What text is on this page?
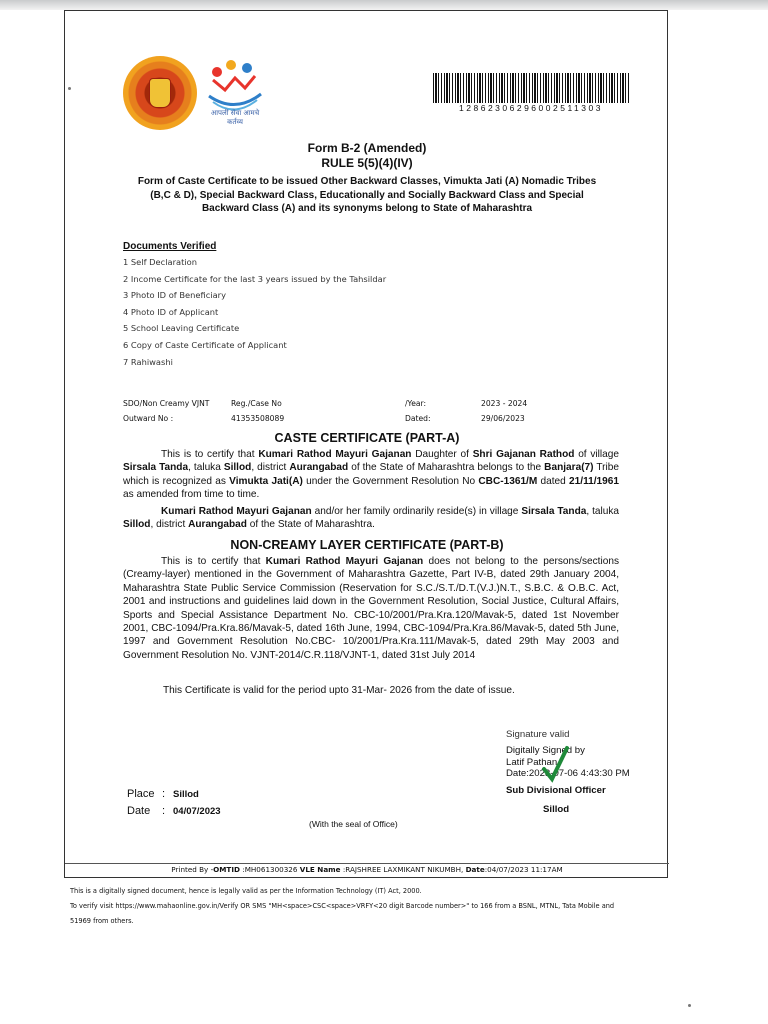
आपली सेवा आमचे कर्तव्य
12862306296002511303
Form B-2 (Amended)
RULE 5(5)(4)(IV)
Form of Caste Certificate to be issued Other Backward Classes, Vimukta Jati (A) Nomadic Tribes (B,C & D), Special Backward Class, Educationally and Socially Backward Class and Special Backward Class (A) and its synonyms belong to State of Maharashtra
Documents Verified
1 Self Declaration
2 Income Certificate for the last 3 years issued by the Tahsildar
3 Photo ID of Beneficiary
4 Photo ID of Applicant
5 School Leaving Certificate
6 Copy of Caste Certificate of Applicant
7 Rahiwashi
SDO/Non Creamy VJNT	Reg./Case No	/Year:	2023 - 2024
Outward No :	41353508089	Dated:	29/06/2023
CASTE CERTIFICATE (PART-A)
This is to certify that Kumari Rathod Mayuri Gajanan Daughter of Shri Gajanan Rathod of village Sirsala Tanda, taluka Sillod, district Aurangabad of the State of Maharashtra belongs to the Banjara(7) Tribe which is recognized as Vimukta Jati(A) under the Government Resolution No CBC-1361/M dated 21/11/1961 as amended from time to time.
Kumari Rathod Mayuri Gajanan and/or her family ordinarily reside(s) in village Sirsala Tanda, taluka Sillod, district Aurangabad of the State of Maharashtra.
NON-CREAMY LAYER CERTIFICATE (PART-B)
This is to certify that Kumari Rathod Mayuri Gajanan does not belong to the persons/sections (Creamy-layer) mentioned in the Government of Maharashtra Gazette, Part IV-B, dated 29th January 2004, Maharashtra State Public Service Commission (Reservation for S.C./S.T./D.T.(V.J.)N.T., S.B.C. & O.B.C. Act, 2001 and instructions and guidelines laid down in the Government Resolution, Social Justice, Cultural Affairs, Sports and Special Assistance Department No. CBC-10/2001/Pra.Kra.120/Mavak-5, dated 1st November 2001, CBC-1094/Pra.Kra.86/Mavak-5, dated 16th June, 1994, CBC-1094/Pra.Kra.86/Mavak-5, dated 5th June, 1997 and Government Resolution No.CBC- 10/2001/Pra.Kra.111/Mavak-5, dated 29th May 2003 and Government Resolution No. VJNT-2014/C.R.118/VJNT-1, dated 31st July 2014
This Certificate is valid for the period upto 31-Mar- 2026 from the date of issue.
Signature valid
Digitally Signed by
Latif Pathan
Date:2023-07-06 4:43:30 PM
Sub Divisional Officer
Sillod
Place : Sillod
Date : 04/07/2023
(With the seal of Office)
Printed By -OMTID :MH061300326 VLE Name :RAJSHREE LAXMIKANT NIKUMBH, Date:04/07/2023 11:17AM
This is a digitally signed document, hence is legally valid as per the Information Technology (IT) Act, 2000.
To verify visit https://www.mahaonline.gov.in/Verify OR SMS "MH<space>CSC<space>VRFY<20 digit Barcode number>" to 166 from a BSNL, MTNL, Tata Mobile and
51969 from others.
